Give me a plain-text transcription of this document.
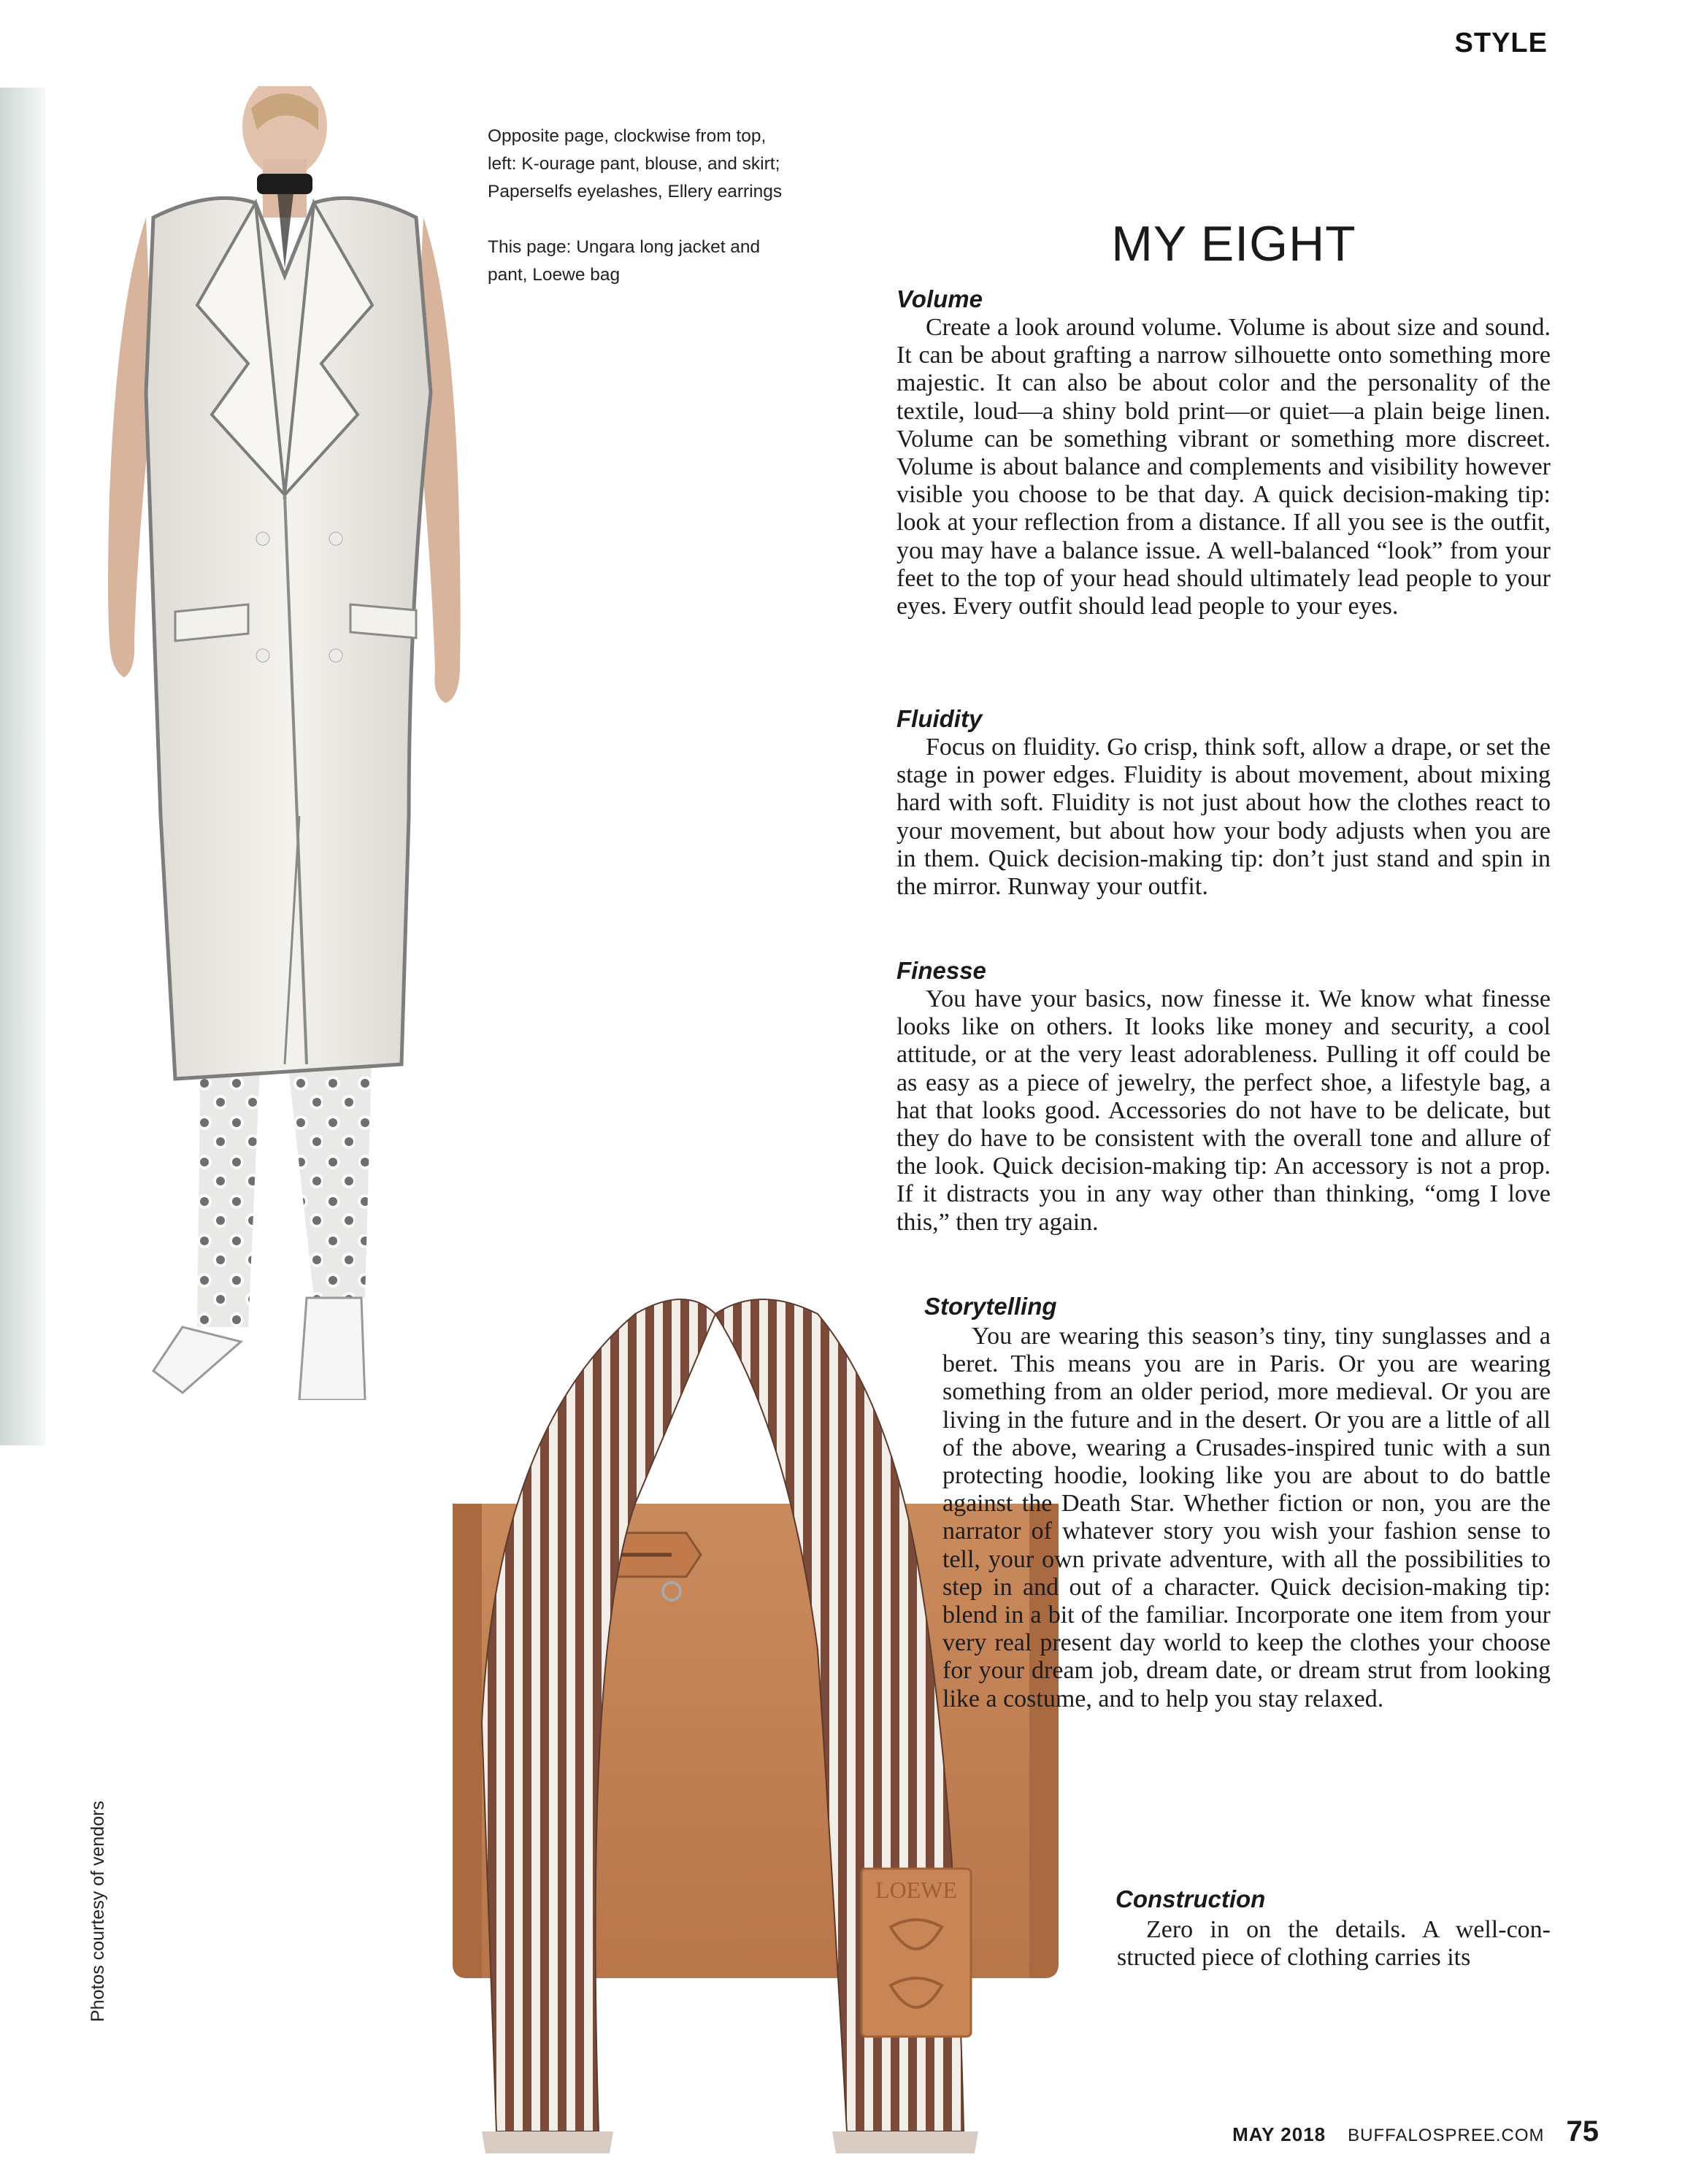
STYLE

Opposite page, clockwise from top, left: K-ourage pant, blouse, and skirt; Paperselfs eyelashes, Ellery earrings

This page: Ungara long jacket and pant, Loewe bag

MY EIGHT
Volume

Create a look around volume. Volume is about size and sound. It can be about grafting a narrow silhouette onto something more majestic. It can also be about color and the personality of the textile, loud—a shiny bold print—or quiet—a plain beige linen. Volume can be something vibrant or something more discreet. Volume is about balance and complements and visibility however visible you choose to be that day. A quick decision-making tip: look at your reflection from a distance. If all you see is the outfit, you may have a balance issue. A well-balanced “look” from your feet to the top of your head should ultimately lead people to your eyes. Every outfit should lead people to your eyes.

Fluidity

Focus on fluidity. Go crisp, think soft, allow a drape, or set the stage in power edges. Fluidity is about movement, about mixing hard with soft. Fluidity is not just about how the clothes react to your movement, but about how your body adjusts when you are in them. Quick decision-making tip: don’t just stand and spin in the mirror. Runway your outfit.

Finesse

You have your basics, now finesse it. We know what finesse looks like on others. It looks like money and security, a cool attitude, or at the very least adorableness. Pulling it off could be as easy as a piece of jewelry, the perfect shoe, a lifestyle bag, a hat that looks good. Accessories do not have to be delicate, but they do have to be consistent with the overall tone and allure of the look. Quick decision-making tip: An accessory is not a prop. If it distracts you in any way other than thinking, “omg I love this,” then try again.

Storytelling
LOEWE

You are wearing this season’s tiny, tiny sunglasses and a beret. This means you are in Paris. Or you are wearing something from an older period, more medieval. Or you are living in the future and in the desert. Or you are a little of all of the above, wearing a Crusades-inspired tunic with a sun protecting hoodie, looking like you are about to do battle against the Death Star. Whether fiction or non, you are the narrator of whatever story you wish your fashion sense to tell, your own private adventure, with all the possibilities to step in and out of a character. Quick decision-making tip: blend in a bit of the familiar. Incorporate one item from your very real present day world to keep the clothes your choose for your dream job, dream date, or dream strut from looking like a costume, and to help you stay relaxed.

Construction

Zero in on the details. A well-constructed piece of clothing carries its

Photos courtesy of vendors
MAY 2018 BUFFALOSPREE.COM 75
